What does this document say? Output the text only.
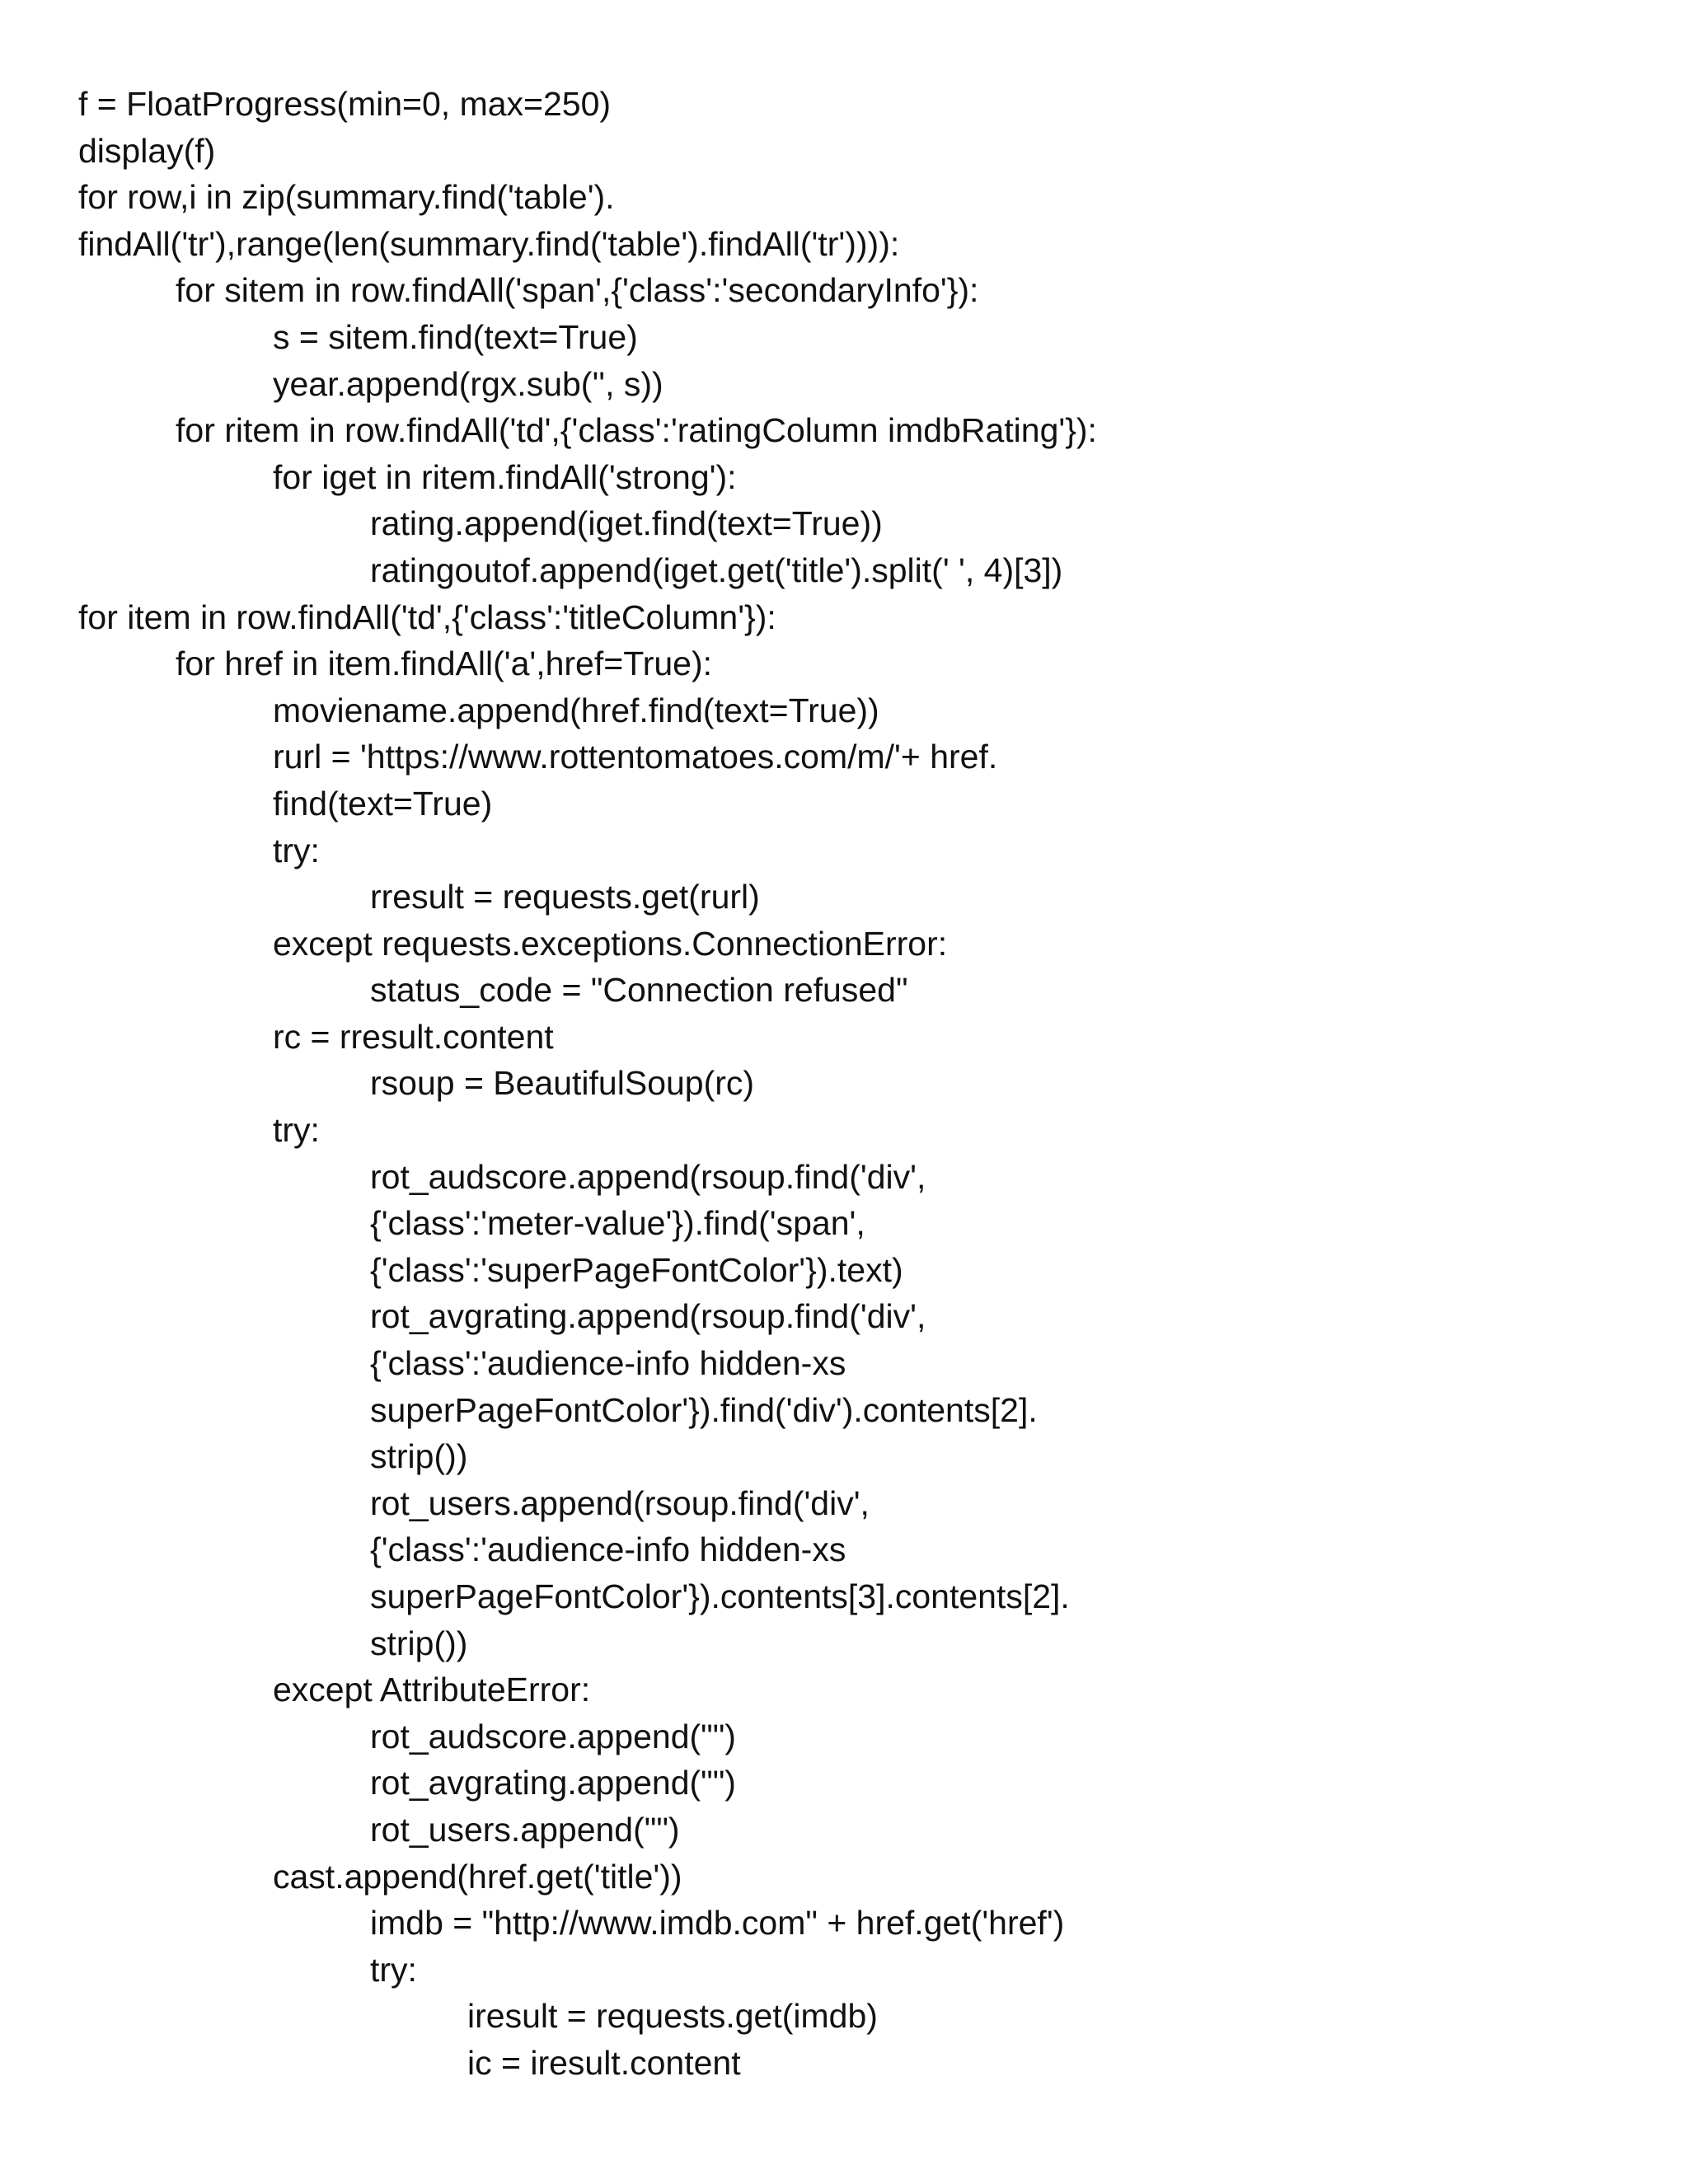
f = FloatProgress(min=0, max=250)
display(f)
for row,i in zip(summary.find('table').
findAll('tr'),range(len(summary.find('table').findAll('tr')))):
for sitem in row.findAll('span',{'class':'secondaryInfo'}):
s = sitem.find(text=True)
year.append(rgx.sub('', s))
for ritem in row.findAll('td',{'class':'ratingColumn imdbRating'}):
for iget in ritem.findAll('strong'):
rating.append(iget.find(text=True))
ratingoutof.append(iget.get('title').split(' ', 4)[3])
for item in row.findAll('td',{'class':'titleColumn'}):
for href in item.findAll('a',href=True):
moviename.append(href.find(text=True))
rurl = 'https://www.rottentomatoes.com/m/'+ href.
find(text=True)
try:
rresult = requests.get(rurl)
except requests.exceptions.ConnectionError:
status_code = "Connection refused"
rc = rresult.content
rsoup = BeautifulSoup(rc)
try:
rot_audscore.append(rsoup.find('div',
{'class':'meter-value'}).find('span',
{'class':'superPageFontColor'}).text)
rot_avgrating.append(rsoup.find('div',
{'class':'audience-info hidden-xs
superPageFontColor'}).find('div').contents[2].
strip())
rot_users.append(rsoup.find('div',
{'class':'audience-info hidden-xs
superPageFontColor'}).contents[3].contents[2].
strip())
except AttributeError:
rot_audscore.append("")
rot_avgrating.append("")
rot_users.append("")
cast.append(href.get('title'))
imdb = "http://www.imdb.com" + href.get('href')
try:
iresult = requests.get(imdb)
ic = iresult.content
